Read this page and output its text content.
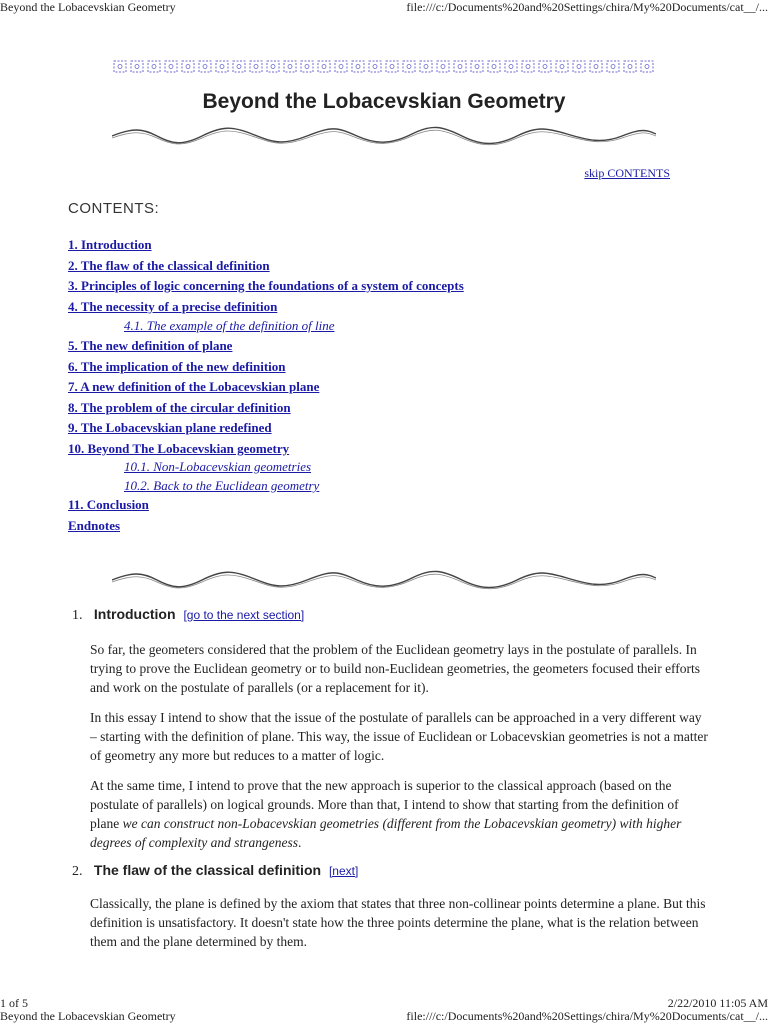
Beyond the Lobacevskian Geometry	file:///c:/Documents%20and%20Settings/chira/My%20Documents/cat__/...
Beyond the Lobacevskian Geometry
skip CONTENTS
CONTENTS:
1. Introduction
2. The flaw of the classical definition
3. Principles of logic concerning the foundations of a system of concepts
4. The necessity of a precise definition
4.1. The example of the definition of line
5. The new definition of plane
6. The implication of the new definition
7. A new definition of the Lobacevskian plane
8. The problem of the circular definition
9. The Lobacevskian plane redefined
10. Beyond The Lobacevskian geometry
10.1. Non-Lobacevskian geometries
10.2. Back to the Euclidean geometry
11. Conclusion
Endnotes
1. Introduction [go to the next section]

So far, the geometers considered that the problem of the Euclidean geometry lays in the postulate of parallels. In trying to prove the Euclidean geometry or to build non-Euclidean geometries, the geometers focused their efforts and work on the postulate of parallels (or a replacement for it).

In this essay I intend to show that the issue of the postulate of parallels can be approached in a very different way – starting with the definition of plane. This way, the issue of Euclidean or Lobacevskian geometries is not a matter of geometry any more but reduces to a matter of logic.

At the same time, I intend to prove that the new approach is superior to the classical approach (based on the postulate of parallels) on logical grounds. More than that, I intend to show that starting from the definition of plane we can construct non-Lobacevskian geometries (different from the Lobacevskian geometry) with higher degrees of complexity and strangeness.

2. The flaw of the classical definition [next]

Classically, the plane is defined by the axiom that states that three non-collinear points determine a plane. But this definition is unsatisfactory. It doesn't state how the three points determine the plane, what is the relation between them and the plane determined by them.

1 of 5	2/22/2010 11:05 AM
Beyond the Lobacevskian Geometry	file:///c:/Documents%20and%20Settings/chira/My%20Documents/cat__/...
